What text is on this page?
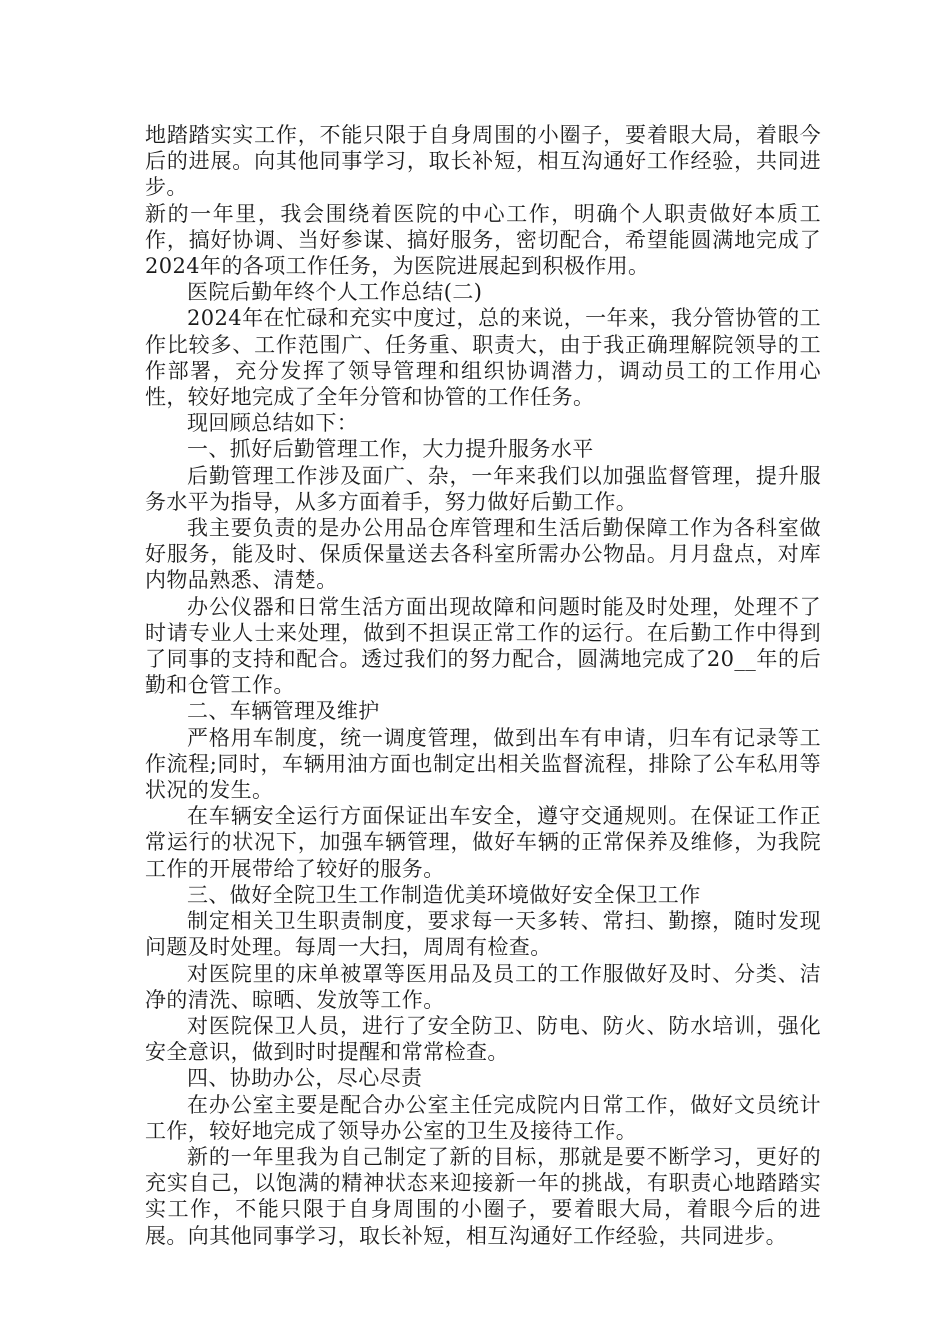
地踏踏实实工作，不能只限于自身周围的小圈子，要着眼大局，着眼今后的进展。向其他同事学习，取长补短，相互沟通好工作经验，共同进步。

新的一年里，我会围绕着医院的中心工作，明确个人职责做好本质工作，搞好协调、当好参谋、搞好服务，密切配合，希望能圆满地完成了2024年的各项工作任务，为医院进展起到积极作用。

医院后勤年终个人工作总结(二)

2024年在忙碌和充实中度过，总的来说，一年来，我分管协管的工作比较多、工作范围广、任务重、职责大，由于我正确理解院领导的工作部署，充分发挥了领导管理和组织协调潜力，调动员工的工作用心性，较好地完成了全年分管和协管的工作任务。

现回顾总结如下：

一、抓好后勤管理工作，大力提升服务水平

后勤管理工作涉及面广、杂，一年来我们以加强监督管理，提升服务水平为指导，从多方面着手，努力做好后勤工作。

我主要负责的是办公用品仓库管理和生活后勤保障工作为各科室做好服务，能及时、保质保量送去各科室所需办公物品。月月盘点，对库内物品熟悉、清楚。

办公仪器和日常生活方面出现故障和问题时能及时处理，处理不了时请专业人士来处理，做到不担误正常工作的运行。在后勤工作中得到了同事的支持和配合。透过我们的努力配合，圆满地完成了20__年的后勤和仓管工作。

二、车辆管理及维护

严格用车制度，统一调度管理，做到出车有申请，归车有记录等工作流程;同时，车辆用油方面也制定出相关监督流程，排除了公车私用等状况的发生。

在车辆安全运行方面保证出车安全，遵守交通规则。在保证工作正常运行的状况下，加强车辆管理，做好车辆的正常保养及维修，为我院工作的开展带给了较好的服务。

三、做好全院卫生工作制造优美环境做好安全保卫工作

制定相关卫生职责制度，要求每一天多转、常扫、勤擦，随时发现问题及时处理。每周一大扫，周周有检查。

对医院里的床单被罩等医用品及员工的工作服做好及时、分类、洁净的清洗、晾晒、发放等工作。

对医院保卫人员，进行了安全防卫、防电、防火、防水培训，强化安全意识，做到时时提醒和常常检查。

四、协助办公，尽心尽责

在办公室主要是配合办公室主任完成院内日常工作，做好文员统计工作，较好地完成了领导办公室的卫生及接待工作。

新的一年里我为自己制定了新的目标，那就是要不断学习，更好的充实自己，以饱满的精神状态来迎接新一年的挑战，有职责心地踏踏实实工作，不能只限于自身周围的小圈子，要着眼大局，着眼今后的进展。向其他同事学习，取长补短，相互沟通好工作经验，共同进步。
